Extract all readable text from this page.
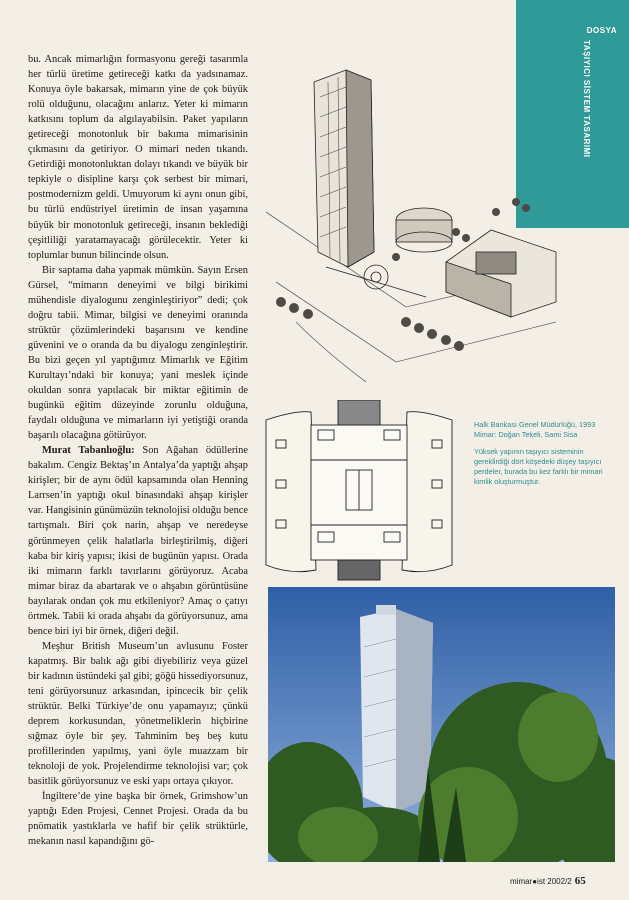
DOSYA
TAŞIYICI SİSTEM TASARIMI

bu. Ancak mimarlığın formasyonu gereği tasarımla her türlü üretime getireceği katkı da yadsınamaz. Konuya öyle bakarsak, mimarın yine de çok büyük rolü olduğunu, olacağını anlarız. Yeter ki mimarın katkısını toplum da algılayabilsin. Paket yapıların getireceği monotonluk bir bakıma mimarisinin çıkmasını da getiriyor. O mimari neden tıkandı. Getirdiği monotonluktan dolayı tıkandı ve büyük bir tepkiyle o disipline karşı çok serbest bir mimari, postmodernizm geldi. Umuyorum ki aynı onun gibi, bu türlü endüstriyel üretimin de insan yaşamına büyük bir monotonluk getireceği, insanın beklediği çeşitliliği yaratamayacağı görülecektir. Yeter ki toplumlar bunun bilincinde olsun.

Bir saptama daha yapmak mümkün. Sayın Ersen Gürsel, “mimarın deneyimi ve bilgi birikimi mühendisle diyalogunu zenginleştiriyor” dedi; çok doğru tabii. Mimar, bilgisi ve deneyimi oranında strüktür çözümlerindeki başarısını ve kendine güvenini ve o oranda da bu diyalogu zenginleştirir. Bu bizi geçen yıl yaptığımız Mimarlık ve Eğitim Kurultayı’ndaki bir konuya; yani meslek içinde okuldan sonra yapılacak bir miktar eğitimin de bugünkü eğitim düzeyinde zorunlu olduğuna, faydalı olduğuna ve mimarların iyi yetiştiği oranda başarılı olacağına götürüyor.

Murat Tabanlıoğlu: Son Ağahan ödüllerine bakalım. Cengiz Bektaş’ın Antalya’da yaptığı ahşap kirişler; bir de aynı ödül kapsamında olan Henning Larrsen’in yaptığı okul binasındaki ahşap kirişler var. Hangisinin günümüzün teknolojisi olduğu bence tartışmalı. Biri çok narin, ahşap ve neredeyse görünmeyen çelik halatlarla birleştirilmiş, diğeri kaba bir kiriş yapısı; ikisi de bugünün yapısı. Orada iki mimarın farklı tavırlarını görüyoruz. Acaba mimar biraz da abartarak ve o ahşabın görüntüsüne bayılarak ondan çok mu etkileniyor? Amaç o çatıyı örtmek. Tabii ki orada ahşabı da görüyorsunuz, ama bence biri iyi bir örnek, diğeri değil.

Meşhur British Museum’un avlusunu Foster kapatmış. Bir balık ağı gibi diyebiliriz veya güzel bir kadının üstündeki şal gibi; göğü hissediyorsunuz, teni görüyorsunuz arkasından, ipincecik bir çelik strüktür. Belki Türkiye’de onu yapamayız; çünkü deprem korkusundan, yönetmeliklerin hiçbirine sığmaz öyle bir şey. Tahminim beş beş kutu profillerinden yapılmış, yani öyle muazzam bir teknoloji de yok. Projelendirme teknolojisi var; çok basitlik görüyorsunuz ve eski yapı ortaya çıkıyor.

İngiltere’de yine başka bir örnek, Grimshow’un yaptığı Eden Projesi, Cennet Projesi. Orada da bu pnömatik yastıklarla ve hafif bir çelik strüktürle, mekanın nasıl kapandığını gö-

Halk Bankası Genel Müdürlüğü, 1993
Mimar: Doğan Tekeli, Sami Sisa

Yüksek yapının taşıyıcı sisteminin gerekli̇rdiği dört köşedeki düşey taşıyıcı perdeler, burada bu kez farklı bir mimari kimlik oluşturmuştur.

mimar●ist 2002/2 65
